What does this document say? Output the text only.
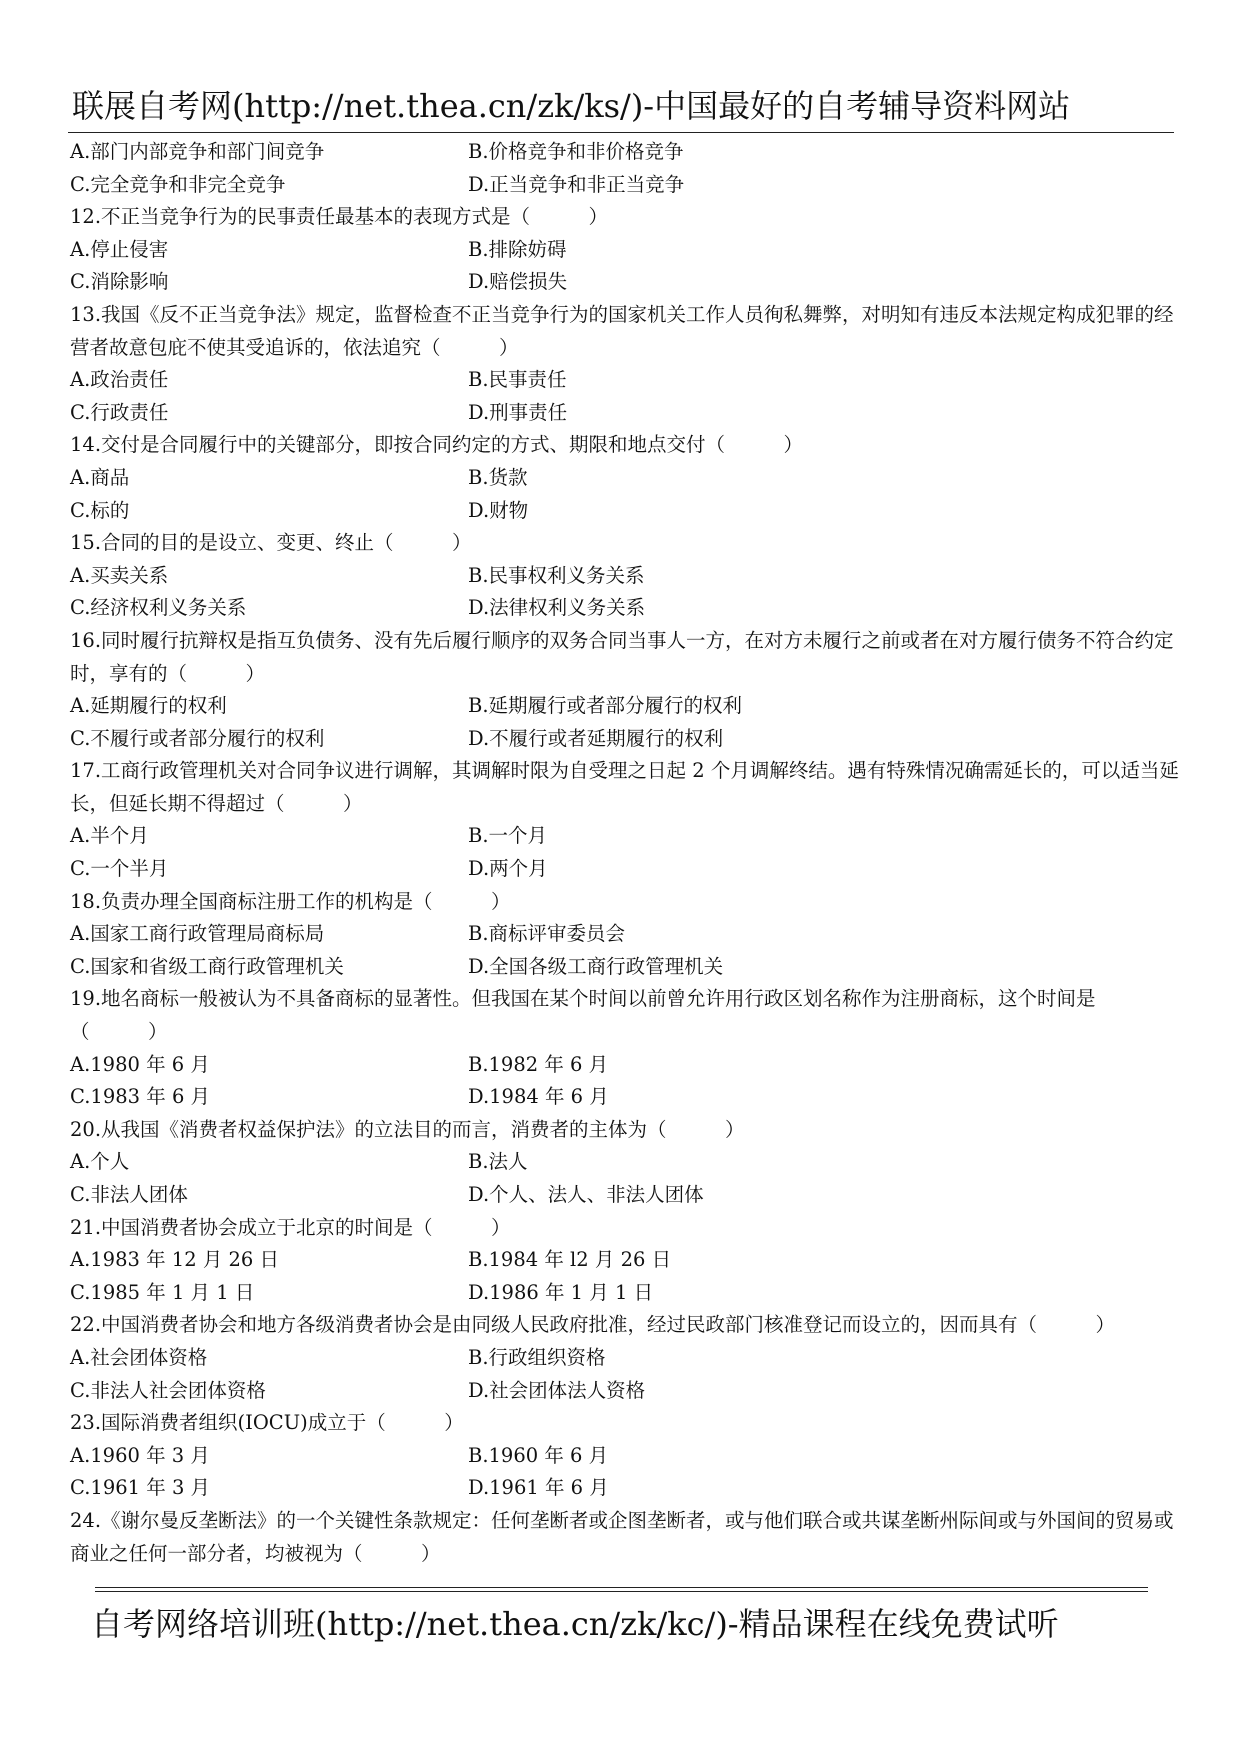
联展自考网(http://net.thea.cn/zk/ks/)-中国最好的自考辅导资料网站
A.部门内部竞争和部门间竞争	B.价格竞争和非价格竞争
C.完全竞争和非完全竞争	D.正当竞争和非正当竞争
12.不正当竞争行为的民事责任最基本的表现方式是（　　　）
A.停止侵害	B.排除妨碍
C.消除影响	D.赔偿损失
13.我国《反不正当竞争法》规定，监督检查不正当竞争行为的国家机关工作人员徇私舞弊，对明知有违反本法规定构成犯罪的经营者故意包庇不使其受追诉的，依法追究（　　　）
A.政治责任	B.民事责任
C.行政责任	D.刑事责任
14.交付是合同履行中的关键部分，即按合同约定的方式、期限和地点交付（　　　）
A.商品	B.货款
C.标的	D.财物
15.合同的目的是设立、变更、终止（　　　）
A.买卖关系	B.民事权利义务关系
C.经济权利义务关系	D.法律权利义务关系
16.同时履行抗辩权是指互负债务、没有先后履行顺序的双务合同当事人一方，在对方未履行之前或者在对方履行债务不符合约定时，享有的（　　　）
A.延期履行的权利	B.延期履行或者部分履行的权利
C.不履行或者部分履行的权利	D.不履行或者延期履行的权利
17.工商行政管理机关对合同争议进行调解，其调解时限为自受理之日起 2 个月调解终结。遇有特殊情况确需延长的，可以适当延长，但延长期不得超过（　　　）
A.半个月	B.一个月
C.一个半月	D.两个月
18.负责办理全国商标注册工作的机构是（　　　）
A.国家工商行政管理局商标局	B.商标评审委员会
C.国家和省级工商行政管理机关	D.全国各级工商行政管理机关
19.地名商标一般被认为不具备商标的显著性。但我国在某个时间以前曾允许用行政区划名称作为注册商标，这个时间是（　　　）
A.1980 年 6 月	B.1982 年 6 月
C.1983 年 6 月	D.1984 年 6 月
20.从我国《消费者权益保护法》的立法目的而言，消费者的主体为（　　　）
A.个人	B.法人
C.非法人团体	D.个人、法人、非法人团体
21.中国消费者协会成立于北京的时间是（　　　）
A.1983 年 12 月 26 日	B.1984 年 l2 月 26 日
C.1985 年 1 月 1 日	D.1986 年 1 月 1 日
22.中国消费者协会和地方各级消费者协会是由同级人民政府批准，经过民政部门核准登记而设立的，因而具有（　　　）
A.社会团体资格	B.行政组织资格
C.非法人社会团体资格	D.社会团体法人资格
23.国际消费者组织(IOCU)成立于（　　　）
A.1960 年 3 月	B.1960 年 6 月
C.1961 年 3 月	D.1961 年 6 月
24.《谢尔曼反垄断法》的一个关键性条款规定：任何垄断者或企图垄断者，或与他们联合或共谋垄断州际间或与外国间的贸易或商业之任何一部分者，均被视为（　　　）
自考网络培训班(http://net.thea.cn/zk/kc/)-精品课程在线免费试听
